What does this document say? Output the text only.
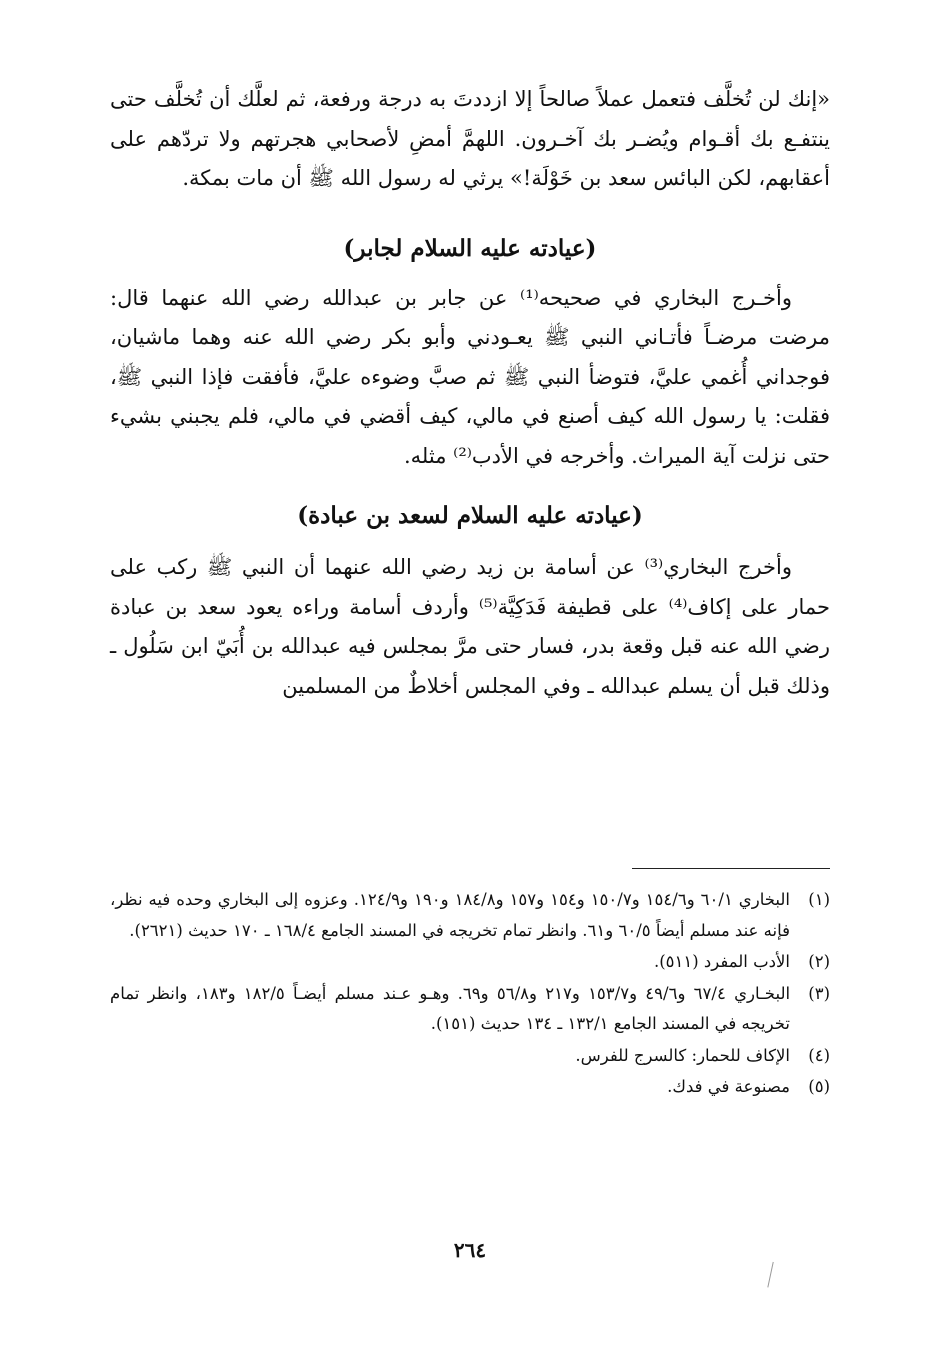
«إنك لن تُخلَّف فتعمل عملاً صالحاً إلا ازددتَ به درجة ورفعة، ثم لعلَّك أن تُخلَّف حتى ينتفـع بك أقـوام ويُضـر بك آخـرون. اللهمَّ أمضِ لأصحابي هجرتهم ولا تردّهم على أعقابهم، لكن البائس سعد بن خَوْلَة!» يرثي له رسول الله ﷺ أن مات بمكة.

(عيادته عليه السلام لجابر)

وأخـرج البخاري في صحيحه⁽¹⁾ عن جابر بن عبدالله رضي الله عنهما قال: مرضت مرضـاً فأتـاني النبي ﷺ يعـودني وأبو بكر رضي الله عنه وهما ماشيان، فوجداني أُغمي عليَّ، فتوضأ النبي ﷺ ثم صبَّ وضوءه عليَّ، فأفقت فإذا النبي ﷺ، فقلت: يا رسول الله كيف أصنع في مالي، كيف أقضي في مالي، فلم يجبني بشيء حتى نزلت آية الميراث. وأخرجه في الأدب⁽²⁾ مثله.

(عيادته عليه السلام لسعد بن عبادة)

وأخرج البخاري⁽³⁾ عن أسامة بن زيد رضي الله عنهما أن النبي ﷺ ركب على حمار على إكاف⁽⁴⁾ على قطيفة فَدَكِيَّة⁽⁵⁾ وأردف أسامة وراءه يعود سعد بن عبادة رضي الله عنه قبل وقعة بدر، فسار حتى مرَّ بمجلس فيه عبدالله بن أُبَيّ ابن سَلُول ـ وذلك قبل أن يسلم عبدالله ـ وفي المجلس أخلاطٌ من المسلمين

(١)
البخاري ٦٠/١ و١٥٤/٦ و١٥٠/٧ و١٥٤ و١٥٧ و١٨٤/٨ و١٩٠ و١٢٤/٩. وعزوه إلى البخاري وحده فيه نظر، فإنه عند مسلم أيضاً ٦٠/٥ و٦١. وانظر تمام تخريجه في المسند الجامع ١٦٨/٤ ـ ١٧٠ حديث (٢٦٢١).
(٢)
الأدب المفرد (٥١١).
(٣)
البخـاري ٦٧/٤ و٤٩/٦ و١٥٣/٧ و٢١٧ و٥٦/٨ و٦٩. وهـو عـند مسلم أيضـاً ١٨٢/٥ و١٨٣، وانظر تمام تخريجه في المسند الجامع ١٣٢/١ ـ ١٣٤ حديث (١٥١).
(٤)
الإكاف للحمار: كالسرج للفرس.
(٥)
مصنوعة في فدك.
٢٦٤
